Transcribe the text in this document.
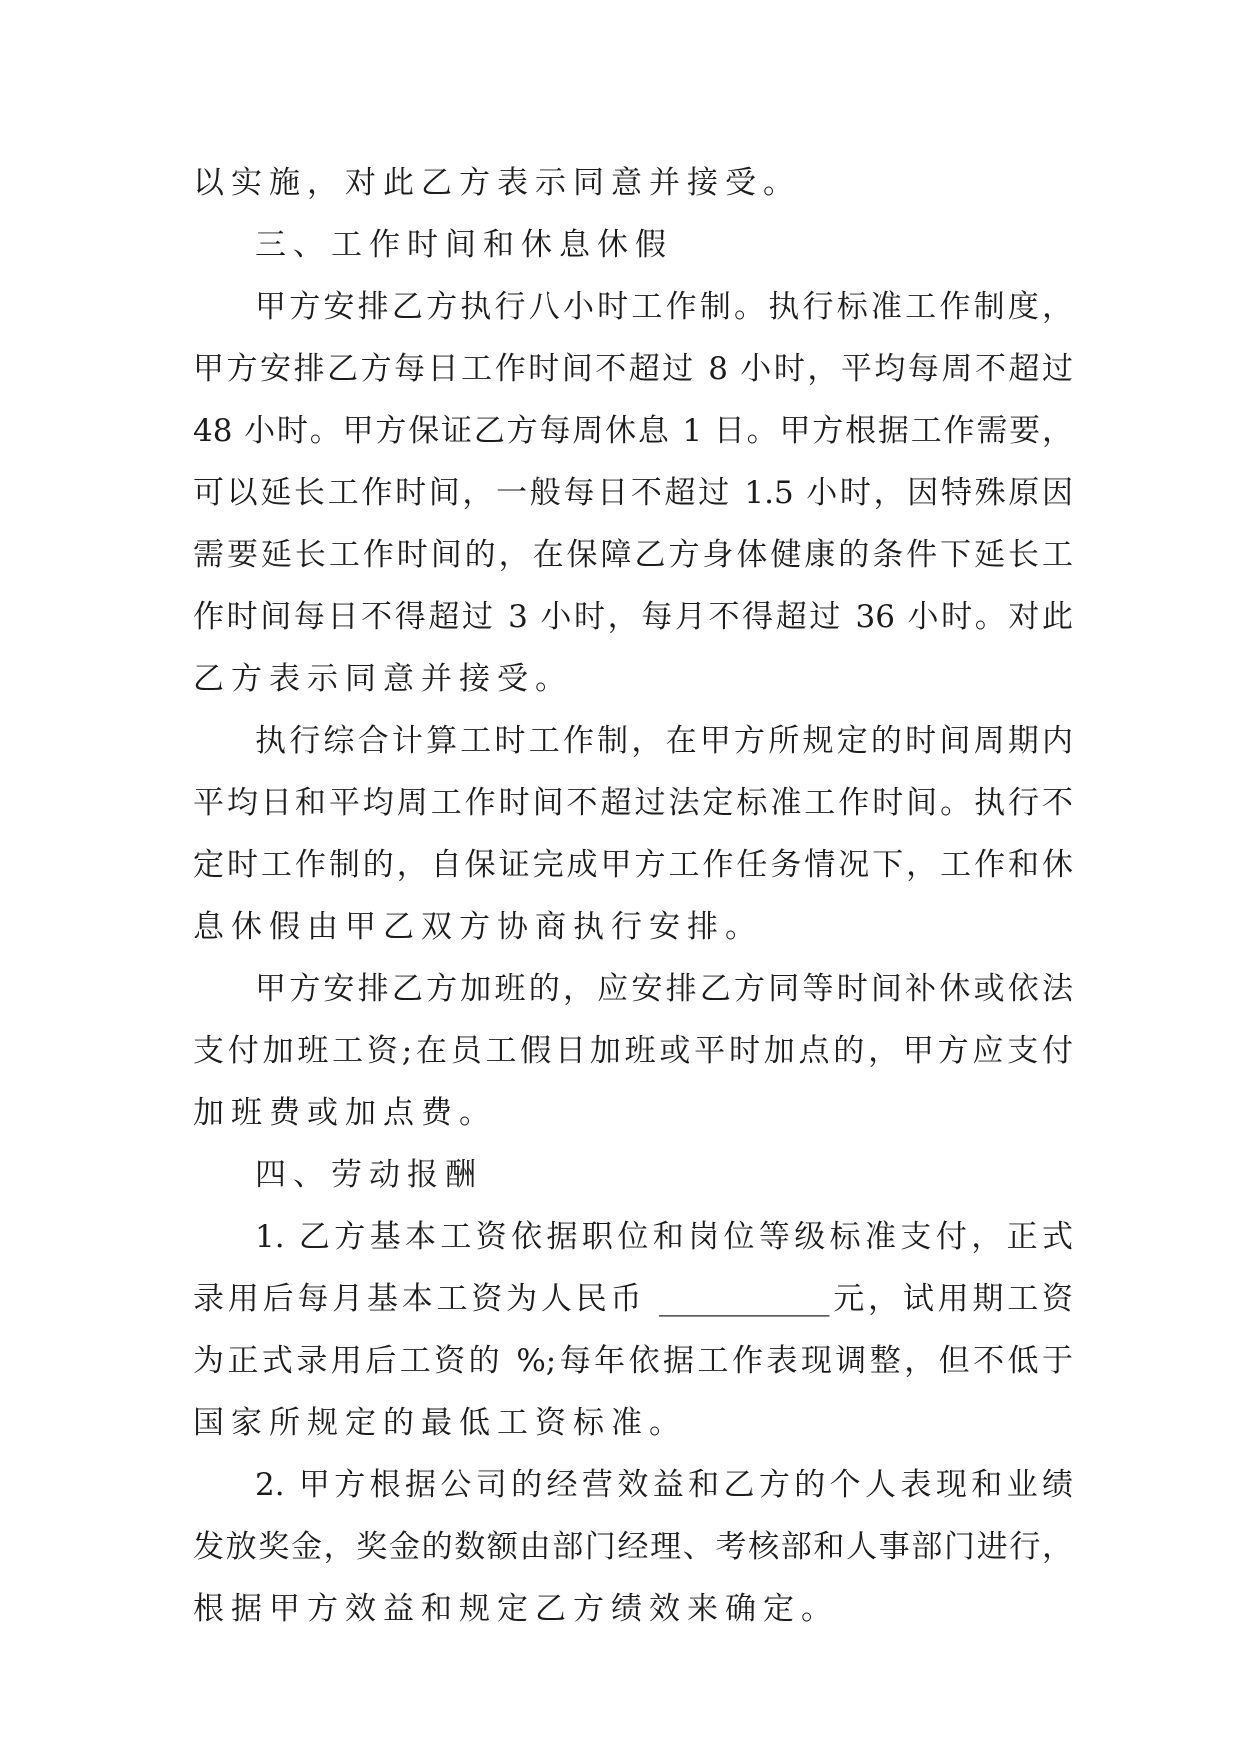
以实施，对此乙方表示同意并接受。
三、工作时间和休息休假
甲方安排乙方执行八小时工作制。执行标准工作制度，
甲方安排乙方每日工作时间不超过 8 小时，平均每周不超过
48 小时。甲方保证乙方每周休息 1 日。甲方根据工作需要，
可以延长工作时间，一般每日不超过 1.5 小时，因特殊原因
需要延长工作时间的，在保障乙方身体健康的条件下延长工
作时间每日不得超过 3 小时，每月不得超过 36 小时。对此
乙方表示同意并接受。
执行综合计算工时工作制，在甲方所规定的时间周期内
平均日和平均周工作时间不超过法定标准工作时间。执行不
定时工作制的，自保证完成甲方工作任务情况下，工作和休
息休假由甲乙双方协商执行安排。
甲方安排乙方加班的，应安排乙方同等时间补休或依法
支付加班工资;在员工假日加班或平时加点的，甲方应支付
加班费或加点费。
四、劳动报酬
1. 乙方基本工资依据职位和岗位等级标准支付，正式
录用后每月基本工资为人民币 ___________元，试用期工资
为正式录用后工资的 %;每年依据工作表现调整，但不低于
国家所规定的最低工资标准。
2. 甲方根据公司的经营效益和乙方的个人表现和业绩
发放奖金，奖金的数额由部门经理、考核部和人事部门进行，
根据甲方效益和规定乙方绩效来确定。
